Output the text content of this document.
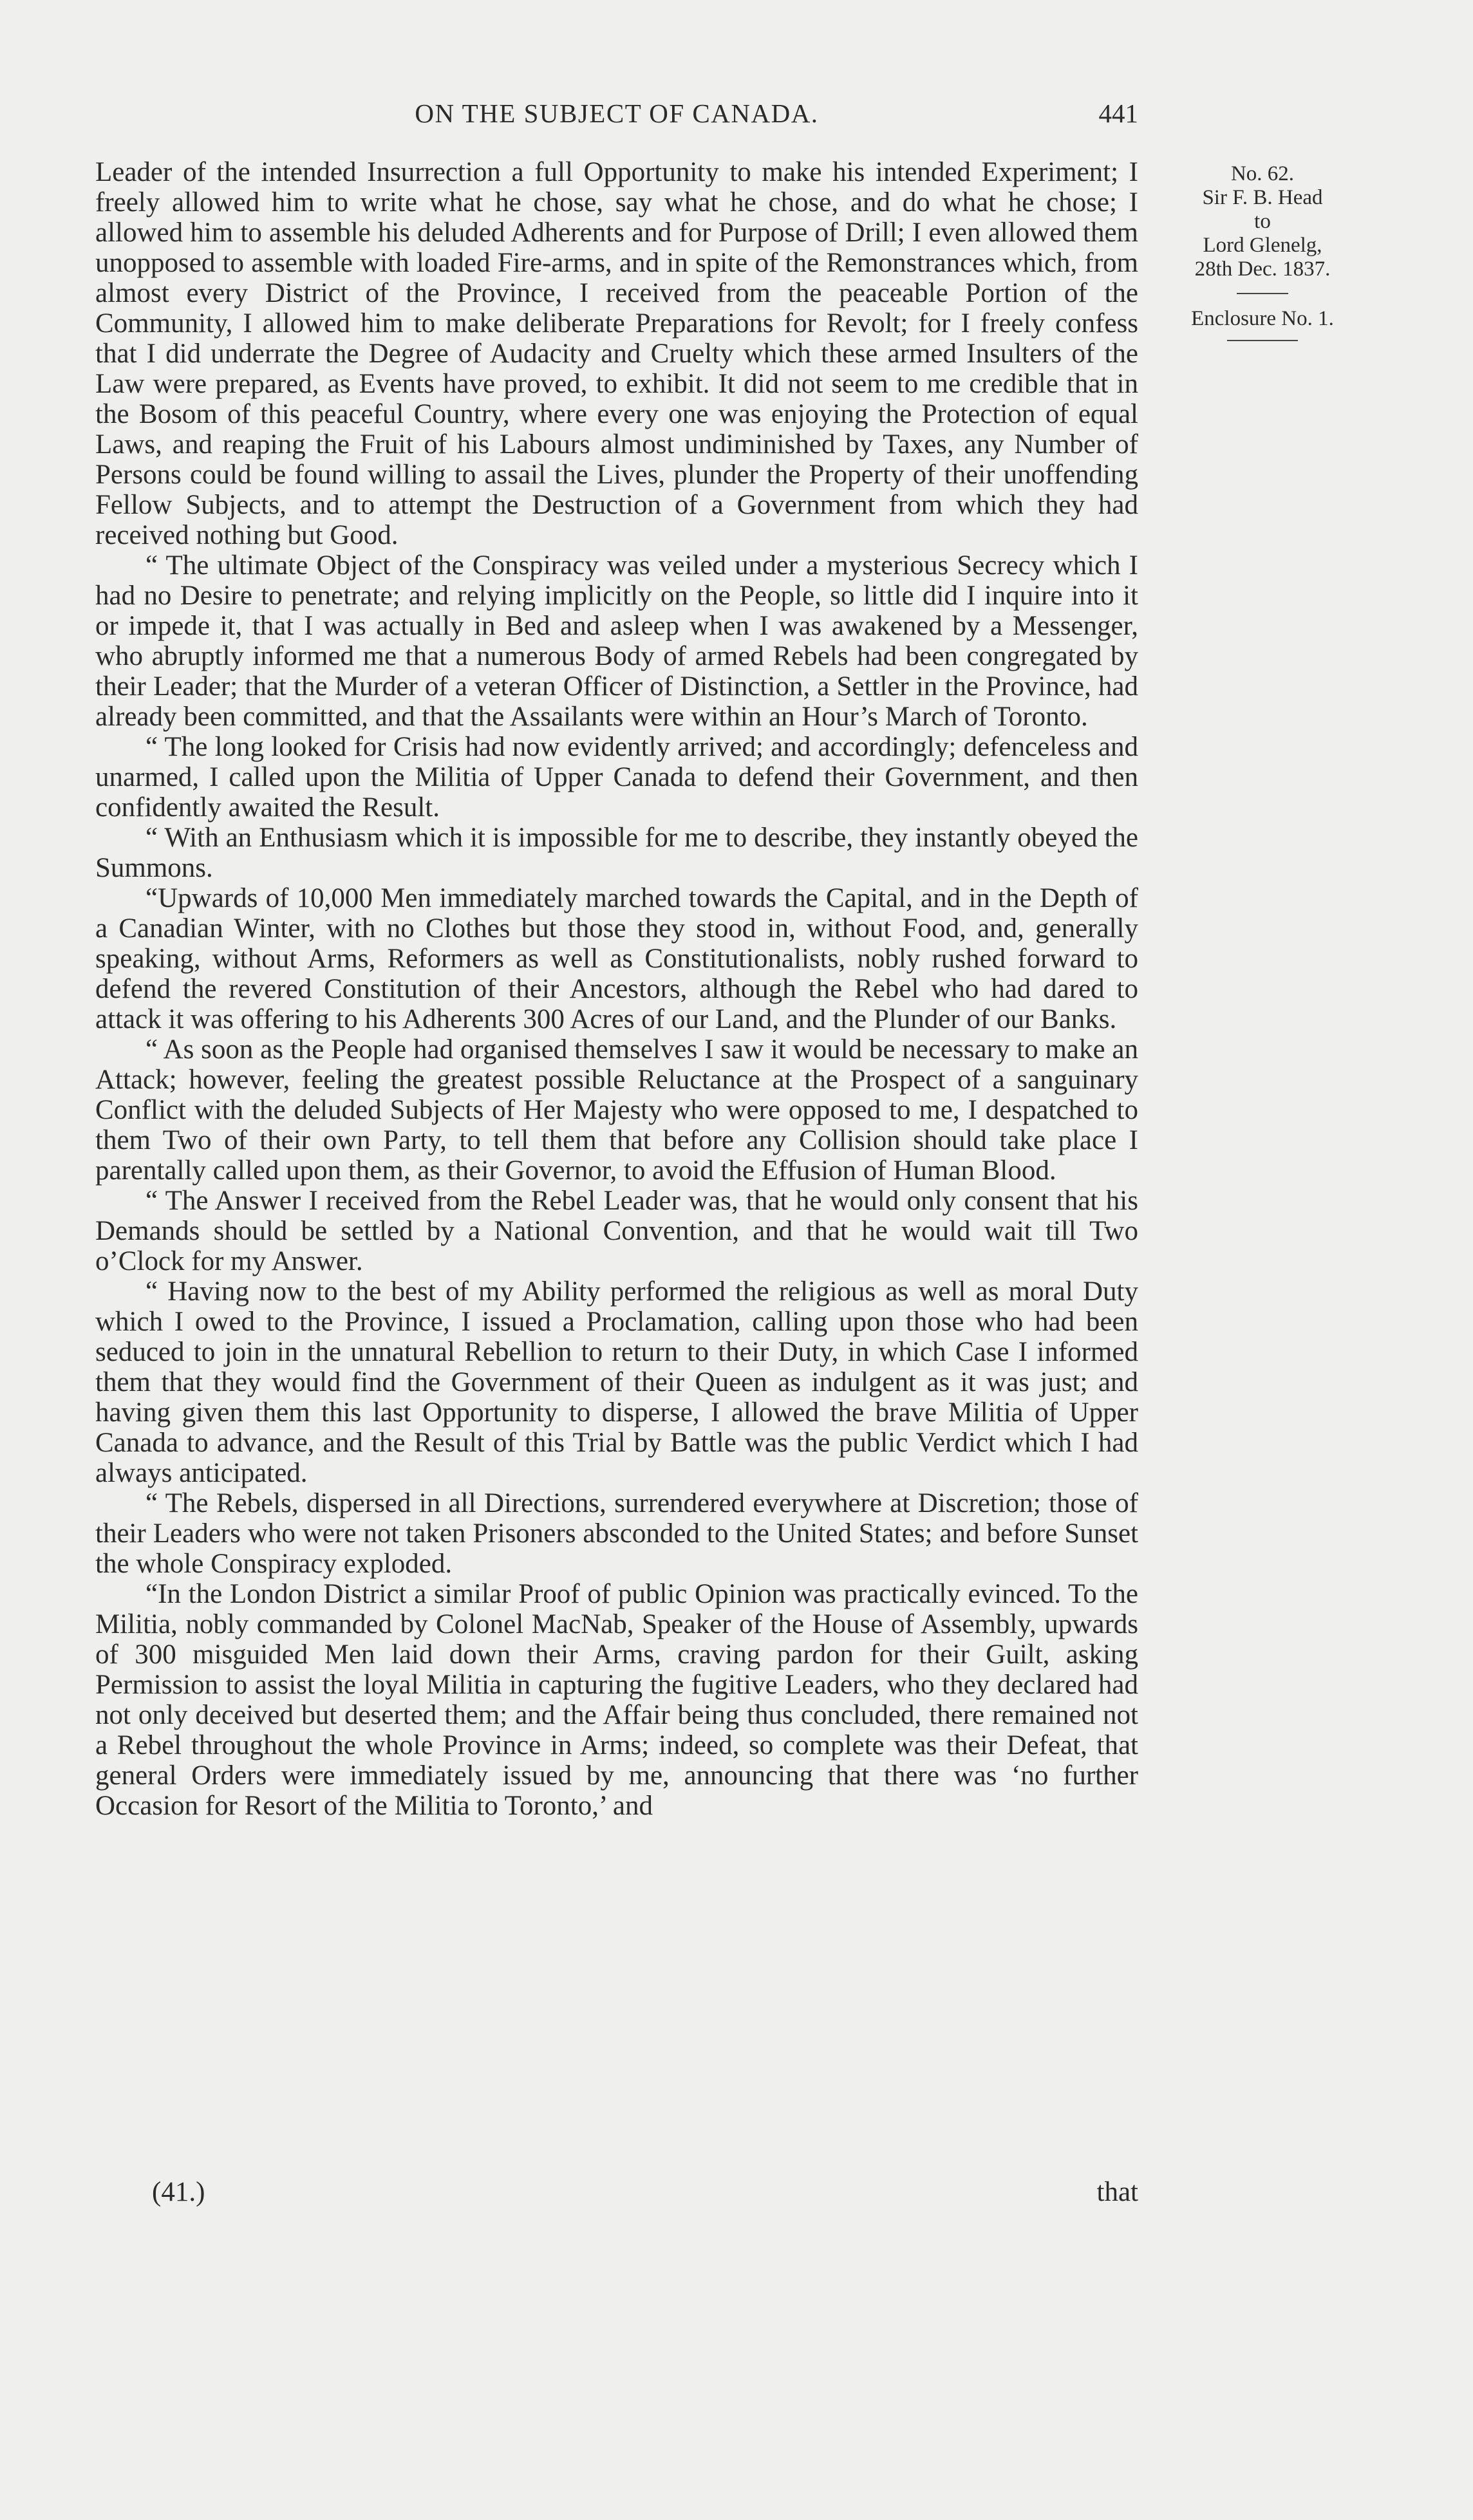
ON THE SUBJECT OF CANADA.	441

Leader of the intended Insurrection a full Opportunity to make his intended Experiment; I freely allowed him to write what he chose, say what he chose, and do what he chose; I allowed him to assemble his deluded Adherents and for Purpose of Drill; I even allowed them unopposed to assemble with loaded Fire-arms, and in spite of the Remonstrances which, from almost every District of the Province, I received from the peaceable Portion of the Community, I allowed him to make deliberate Preparations for Revolt; for I freely confess that I did underrate the Degree of Audacity and Cruelty which these armed Insulters of the Law were prepared, as Events have proved, to exhibit. It did not seem to me credible that in the Bosom of this peaceful Country, where every one was enjoying the Protection of equal Laws, and reaping the Fruit of his Labours almost undiminished by Taxes, any Number of Persons could be found willing to assail the Lives, plunder the Property of their unoffending Fellow Subjects, and to attempt the Destruction of a Government from which they had received nothing but Good.

“ The ultimate Object of the Conspiracy was veiled under a mysterious Secrecy which I had no Desire to penetrate; and relying implicitly on the People, so little did I inquire into it or impede it, that I was actually in Bed and asleep when I was awakened by a Messenger, who abruptly informed me that a numerous Body of armed Rebels had been congregated by their Leader; that the Murder of a veteran Officer of Distinction, a Settler in the Province, had already been committed, and that the Assailants were within an Hour’s March of Toronto.

“ The long looked for Crisis had now evidently arrived; and accordingly; defenceless and unarmed, I called upon the Militia of Upper Canada to defend their Government, and then confidently awaited the Result.

“ With an Enthusiasm which it is impossible for me to describe, they instantly obeyed the Summons.

“Upwards of 10,000 Men immediately marched towards the Capital, and in the Depth of a Canadian Winter, with no Clothes but those they stood in, without Food, and, generally speaking, without Arms, Reformers as well as Constitutionalists, nobly rushed forward to defend the revered Constitution of their Ancestors, although the Rebel who had dared to attack it was offering to his Adherents 300 Acres of our Land, and the Plunder of our Banks.

“ As soon as the People had organised themselves I saw it would be necessary to make an Attack; however, feeling the greatest possible Reluctance at the Prospect of a sanguinary Conflict with the deluded Subjects of Her Majesty who were opposed to me, I despatched to them Two of their own Party, to tell them that before any Collision should take place I parentally called upon them, as their Governor, to avoid the Effusion of Human Blood.

“ The Answer I received from the Rebel Leader was, that he would only consent that his Demands should be settled by a National Convention, and that he would wait till Two o’Clock for my Answer.

“ Having now to the best of my Ability performed the religious as well as moral Duty which I owed to the Province, I issued a Proclamation, calling upon those who had been seduced to join in the unnatural Rebellion to return to their Duty, in which Case I informed them that they would find the Government of their Queen as indulgent as it was just; and having given them this last Opportunity to disperse, I allowed the brave Militia of Upper Canada to advance, and the Result of this Trial by Battle was the public Verdict which I had always anticipated.

“ The Rebels, dispersed in all Directions, surrendered everywhere at Discretion; those of their Leaders who were not taken Prisoners absconded to the United States; and before Sunset the whole Conspiracy exploded.

“In the London District a similar Proof of public Opinion was practically evinced. To the Militia, nobly commanded by Colonel MacNab, Speaker of the House of Assembly, upwards of 300 misguided Men laid down their Arms, craving pardon for their Guilt, asking Permission to assist the loyal Militia in capturing the fugitive Leaders, who they declared had not only deceived but deserted them; and the Affair being thus concluded, there remained not a Rebel throughout the whole Province in Arms; indeed, so complete was their Defeat, that general Orders were immediately issued by me, announcing that there was ‘no further Occasion for Resort of the Militia to Toronto,’ and

No. 62.
Sir F. B. Head
to
Lord Glenelg,
28th Dec. 1837.
Enclosure No. 1.
(41.)	that
